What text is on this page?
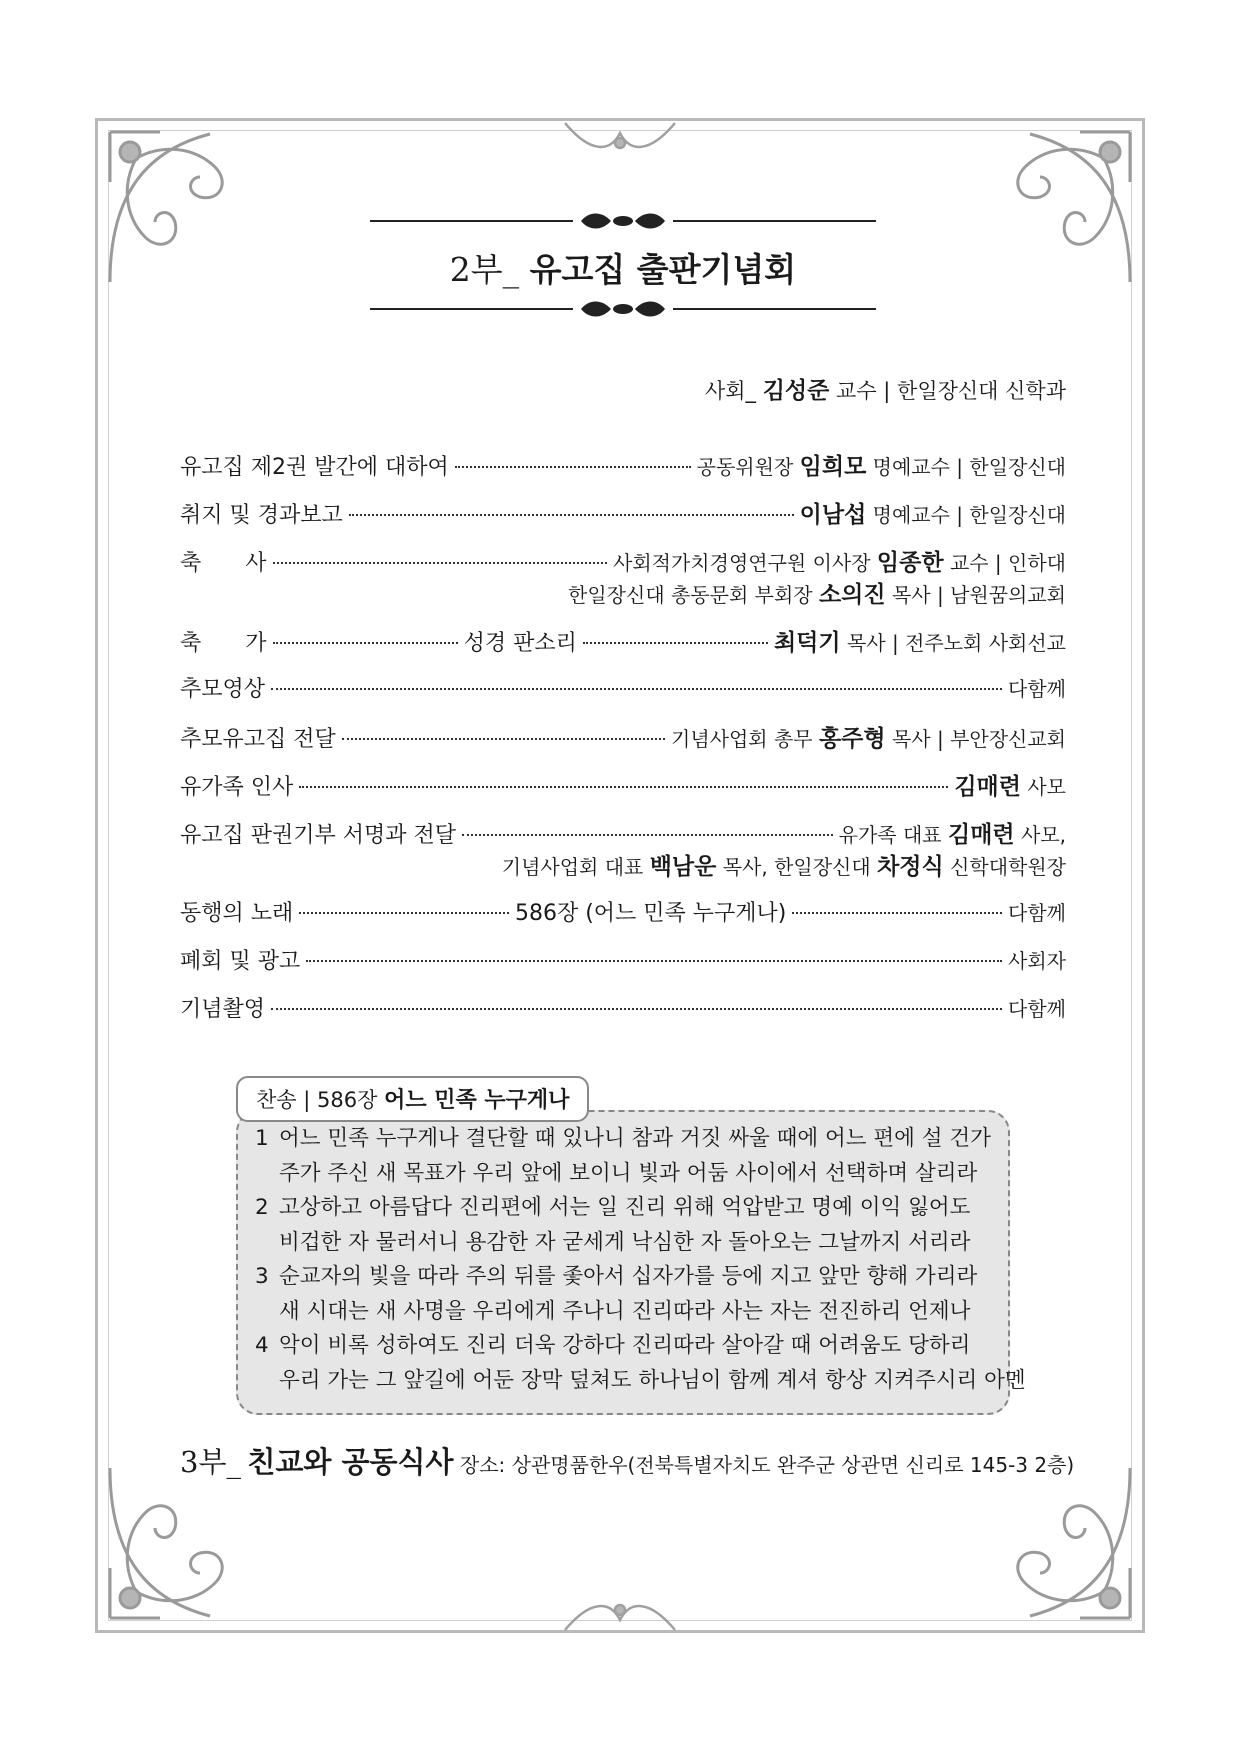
2부_ 유고집 출판기념회
사회_ 김성준 교수 | 한일장신대 신학과
유고집 제2권 발간에 대하여	공동위원장 임희모 명예교수 | 한일장신대
취지 및 경과보고	이남섭 명예교수 | 한일장신대
축　　사	사회적가치경영연구원 이사장 임종한 교수 | 인하대
한일장신대 총동문회 부회장 소의진 목사 | 남원꿈의교회
축　　가	성경 판소리	최덕기 목사 | 전주노회 사회선교
추모영상	다함께
추모유고집 전달	기념사업회 총무 홍주형 목사 | 부안장신교회
유가족 인사	김매련 사모
유고집 판권기부 서명과 전달	유가족 대표 김매련 사모,
기념사업회 대표 백남운 목사, 한일장신대 차정식 신학대학원장
동행의 노래	586장 (어느 민족 누구게나)	다함께
폐회 및 광고	사회자
기념촬영	다함께
찬송 | 586장 어느 민족 누구게나
1 어느 민족 누구게나 결단할 때 있나니 참과 거짓 싸울 때에 어느 편에 설 건가
주가 주신 새 목표가 우리 앞에 보이니 빛과 어둠 사이에서 선택하며 살리라
2 고상하고 아름답다 진리편에 서는 일 진리 위해 억압받고 명예 이익 잃어도
비겁한 자 물러서니 용감한 자 굳세게 낙심한 자 돌아오는 그날까지 서리라
3 순교자의 빛을 따라 주의 뒤를 좇아서 십자가를 등에 지고 앞만 향해 가리라
새 시대는 새 사명을 우리에게 주나니 진리따라 사는 자는 전진하리 언제나
4 악이 비록 성하여도 진리 더욱 강하다 진리따라 살아갈 때 어려움도 당하리
우리 가는 그 앞길에 어둔 장막 덮쳐도 하나님이 함께 계셔 항상 지켜주시리 아멘
3부_ 친교와 공동식사 장소: 상관명품한우(전북특별자치도 완주군 상관면 신리로 145-3 2층)
